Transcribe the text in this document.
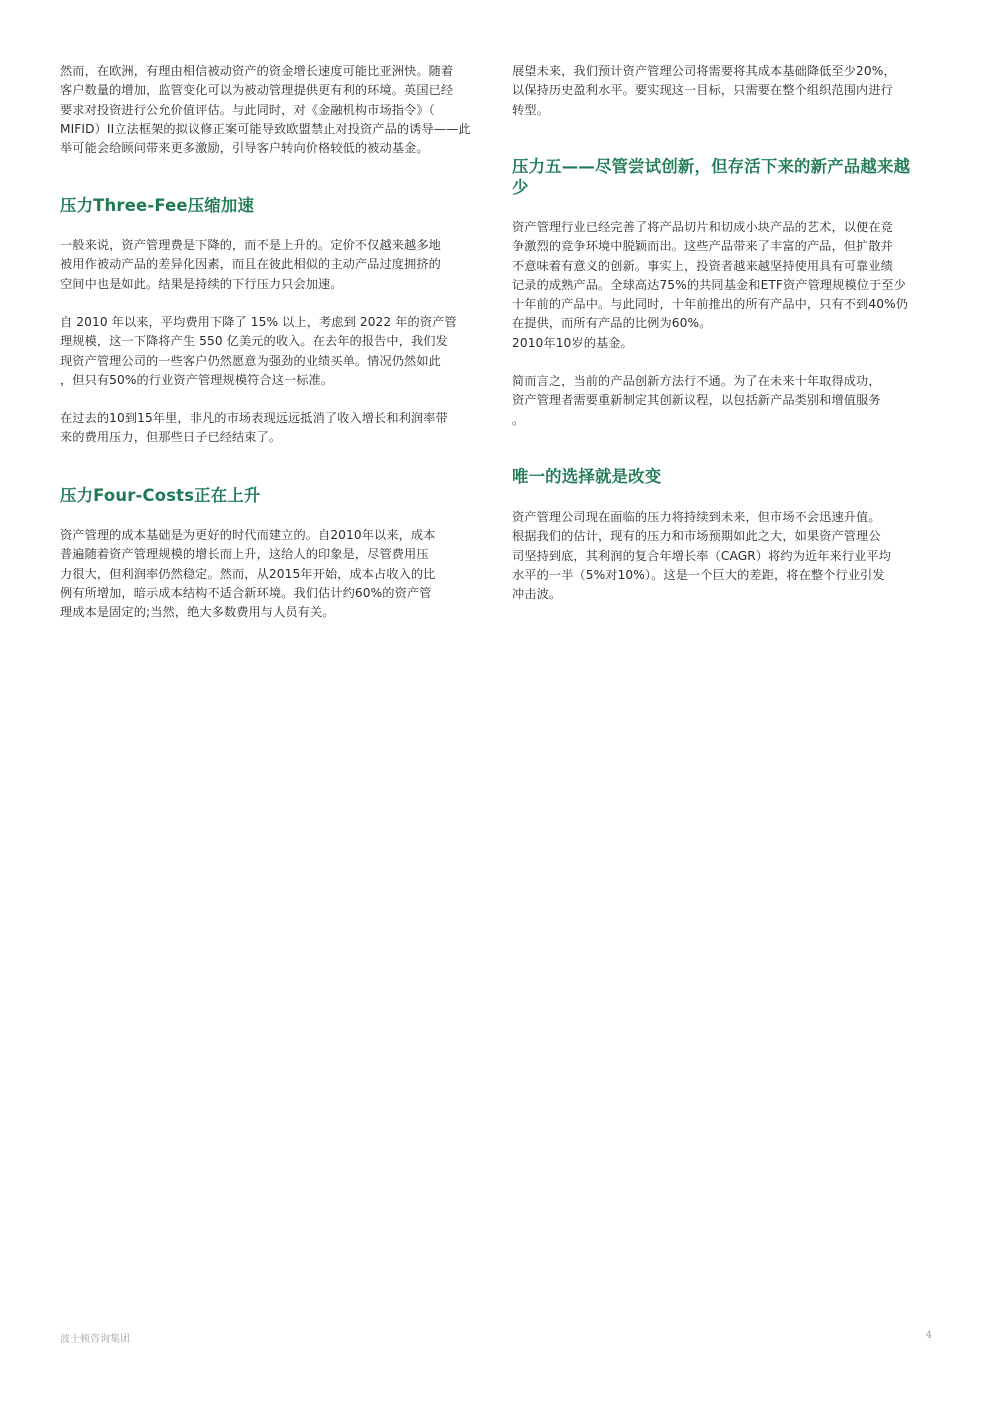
然而，在欧洲，有理由相信被动资产的资金增长速度可能比亚洲快。随着
客户数量的增加，监管变化可以为被动管理提供更有利的环境。英国已经
要求对投资进行公允价值评估。与此同时，对《金融机构市场指令》（
MIFID）II立法框架的拟议修正案可能导致欧盟禁止对投资产品的诱导——此
举可能会给顾问带来更多激励，引导客户转向价格较低的被动基金。

压力Three-Fee压缩加速

一般来说，资产管理费是下降的，而不是上升的。定价不仅越来越多地
被用作被动产品的差异化因素，而且在彼此相似的主动产品过度拥挤的
空间中也是如此。结果是持续的下行压力只会加速。

自 2010 年以来，平均费用下降了 15% 以上，考虑到 2022 年的资产管
理规模，这一下降将产生 550 亿美元的收入。在去年的报告中，我们发
现资产管理公司的一些客户仍然愿意为强劲的业绩买单。情况仍然如此
，但只有50%的行业资产管理规模符合这一标准。

在过去的10到15年里，非凡的市场表现远远抵消了收入增长和利润率带
来的费用压力，但那些日子已经结束了。

压力Four-Costs正在上升

资产管理的成本基础是为更好的时代而建立的。自2010年以来，成本
普遍随着资产管理规模的增长而上升，这给人的印象是，尽管费用压
力很大，但利润率仍然稳定。然而，从2015年开始，成本占收入的比
例有所增加，暗示成本结构不适合新环境。我们估计约60%的资产管
理成本是固定的;当然，绝大多数费用与人员有关。

展望未来，我们预计资产管理公司将需要将其成本基础降低至少20%，
以保持历史盈利水平。要实现这一目标，只需要在整个组织范围内进行
转型。

压力五——尽管尝试创新，但存活下来的新产品越来越
少

资产管理行业已经完善了将产品切片和切成小块产品的艺术，以便在竞
争激烈的竞争环境中脱颖而出。这些产品带来了丰富的产品，但扩散并
不意味着有意义的创新。事实上，投资者越来越坚持使用具有可靠业绩
记录的成熟产品。全球高达75%的共同基金和ETF资产管理规模位于至少
十年前的产品中。与此同时，十年前推出的所有产品中，只有不到40%仍
在提供，而所有产品的比例为60%。
2010年10岁的基金。

简而言之，当前的产品创新方法行不通。为了在未来十年取得成功，
资产管理者需要重新制定其创新议程，以包括新产品类别和增值服务
。

唯一的选择就是改变

资产管理公司现在面临的压力将持续到未来，但市场不会迅速升值。
根据我们的估计，现有的压力和市场预期如此之大，如果资产管理公
司坚持到底，其利润的复合年增长率（CAGR）将约为近年来行业平均
水平的一半（5%对10%）。这是一个巨大的差距，将在整个行业引发
冲击波。

波士顿咨询集团	4
